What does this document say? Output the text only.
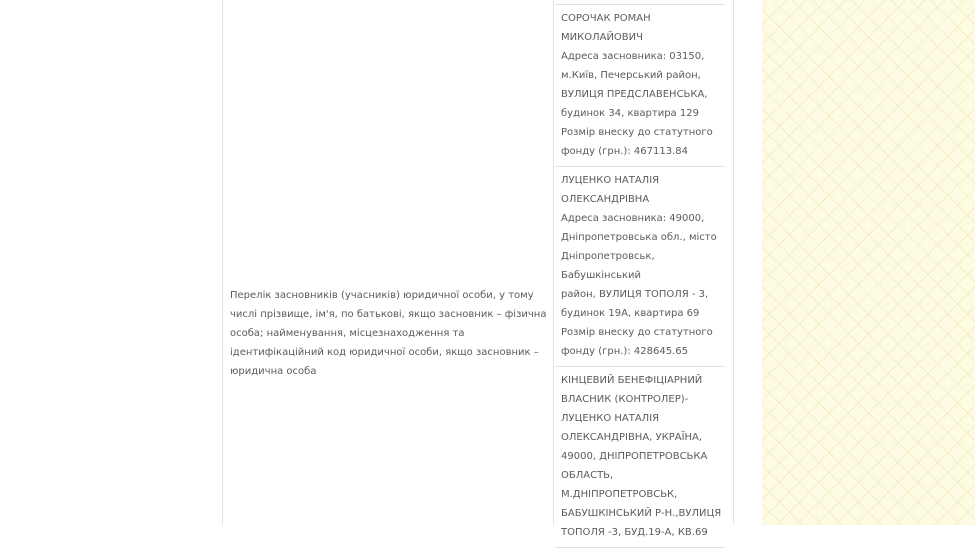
Перелік засновників (учасників) юридичної особи, у тому числі прізвище, ім'я, по батькові, якщо засновник – фізична особа; найменування, місцезнаходження та ідентифікаційний код юридичної особи, якщо засновник – юридична особа
СОРОЧАК РОМАН
МИКОЛАЙОВИЧ
Адреса засновника: 03150,
м.Київ, Печерський район,
ВУЛИЦЯ ПРЕДСЛАВЕНСЬКА,
будинок 34, квартира 129
Розмір внеску до статутного
фонду (грн.): 467113.84
ЛУЦЕНКО НАТАЛІЯ
ОЛЕКСАНДРІВНА
Адреса засновника: 49000,
Дніпропетровська обл., місто
Дніпропетровськ, Бабушкінський
район, ВУЛИЦЯ ТОПОЛЯ - 3,
будинок 19А, квартира 69
Розмір внеску до статутного
фонду (грн.): 428645.65
КІНЦЕВИЙ БЕНЕФІЦІАРНИЙ
ВЛАСНИК (КОНТРОЛЕР)-
ЛУЦЕНКО НАТАЛІЯ
ОЛЕКСАНДРІВНА, УКРАЇНА,
49000, ДНІПРОПЕТРОВСЬКА
ОБЛАСТЬ, М.ДНІПРОПЕТРОВСЬК,
БАБУШКІНСЬКИЙ Р-Н.,ВУЛИЦЯ
ТОПОЛЯ -3, БУД.19-А, КВ.69
